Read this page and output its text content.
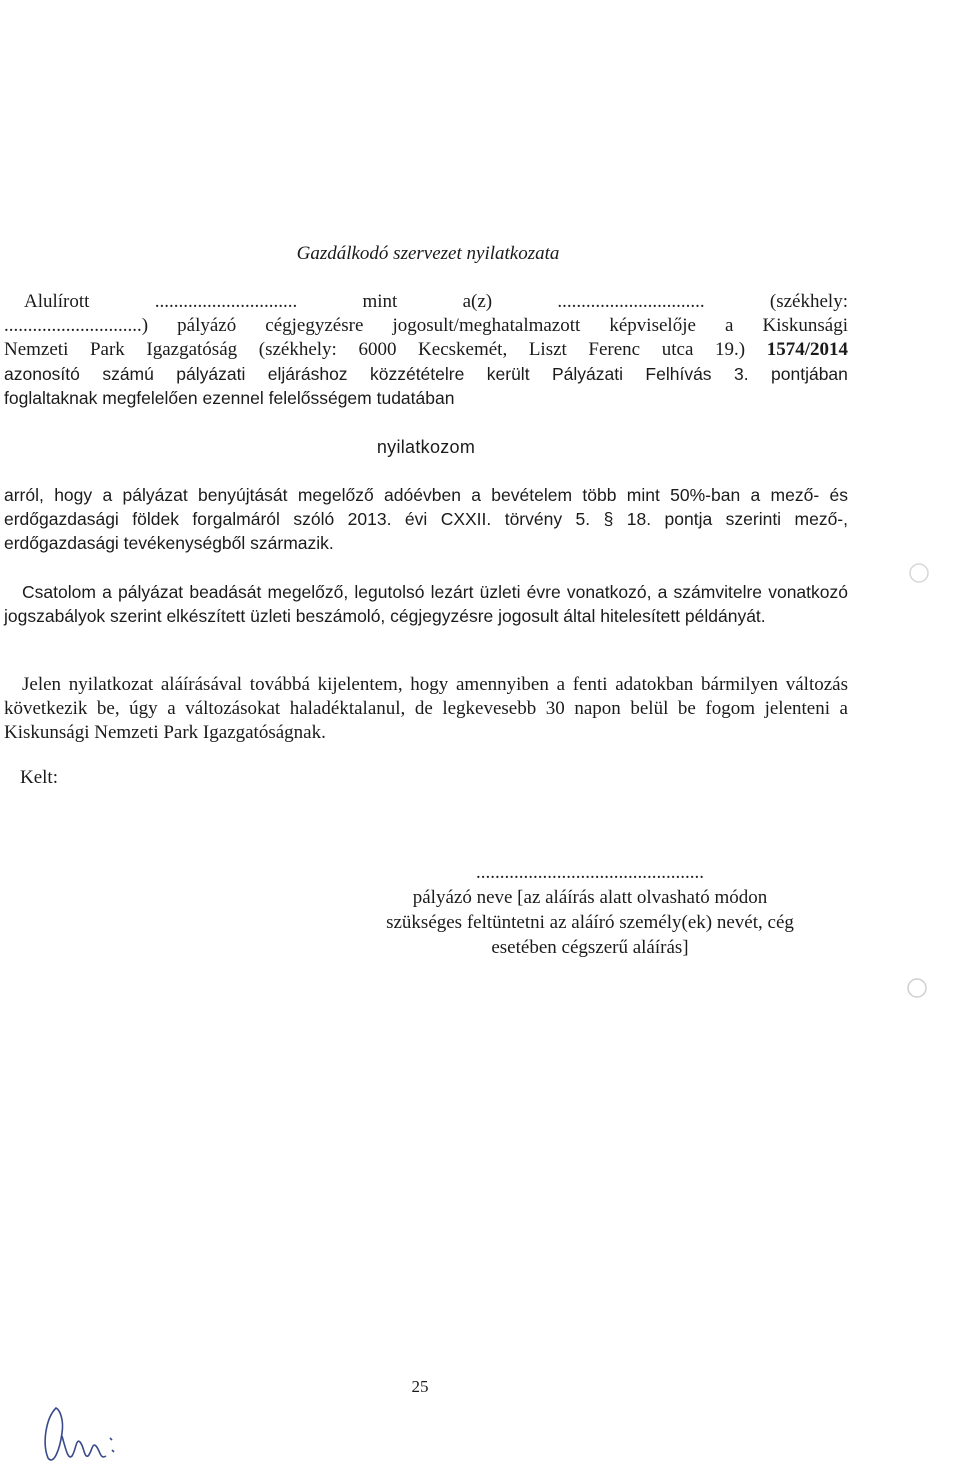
Gazdálkodó szervezet nyilatkozata
Alulírott	..............................	mint	a(z)	...............................	(székhely:
.............................) pályázó cégjegyzésre jogosult/meghatalmazott képviselője a Kiskunsági
Nemzeti Park Igazgatóság (székhely: 6000 Kecskemét, Liszt Ferenc utca 19.) 1574/2014
azonosító számú pályázati eljáráshoz közzétételre került Pályázati Felhívás 3. pontjában
foglaltaknak megfelelően ezennel felelősségem tudatában
nyilatkozom
arról, hogy a pályázat benyújtását megelőző adóévben a bevételem több mint 50%-ban a mező- és erdőgazdasági földek forgalmáról szóló 2013. évi CXXII. törvény 5. § 18. pontja szerinti mező-, erdőgazdasági tevékenységből származik.
Csatolom a pályázat beadását megelőző, legutolsó lezárt üzleti évre vonatkozó, a számvitelre vonatkozó jogszabályok szerint elkészített üzleti beszámoló, cégjegyzésre jogosult által hitelesített példányát.
Jelen nyilatkozat aláírásával továbbá kijelentem, hogy amennyiben a fenti adatokban bármilyen változás következik be, úgy a változásokat haladéktalanul, de legkevesebb 30 napon belül be fogom jelenteni a Kiskunsági Nemzeti Park Igazgatóságnak.
Kelt:
................................................
pályázó neve [az aláírás alatt olvasható módon
szükséges feltüntetni az aláíró személy(ek) nevét, cég
esetében cégszerű aláírás]
25
